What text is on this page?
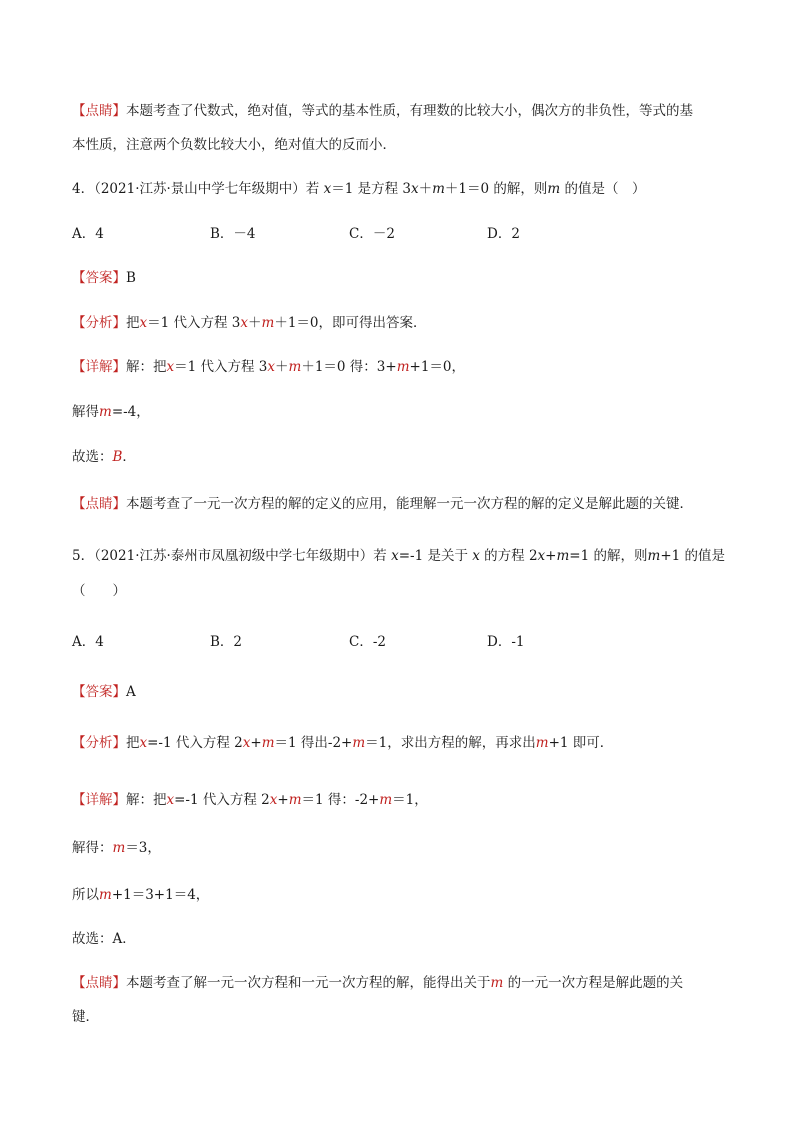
【点睛】本题考查了代数式，绝对值，等式的基本性质，有理数的比较大小，偶次方的非负性，等式的基
本性质，注意两个负数比较大小，绝对值大的反而小．
4．（2021·江苏·景山中学七年级期中）若 x＝1 是方程 3x＋m＋1＝0 的解，则m 的值是（　）
A．4	B．－4	C．－2	D．2
【答案】B
【分析】把x＝1 代入方程 3x＋m＋1＝0，即可得出答案．
【详解】解：把x＝1 代入方程 3x＋m＋1＝0 得：3+m+1＝0，
解得m=-4，
故选：B．
【点睛】本题考查了一元一次方程的解的定义的应用，能理解一元一次方程的解的定义是解此题的关键．
5．（2021·江苏·泰州市凤凰初级中学七年级期中）若 x=-1 是关于 x 的方程 2x+m=1 的解，则m+1 的值是
（　　）
A．4	B．2	C．-2	D．-1
【答案】A
【分析】把x=-1 代入方程 2x+m＝1 得出-2+m＝1，求出方程的解，再求出m+1 即可．
【详解】解：把x=-1 代入方程 2x+m＝1 得：-2+m＝1，
解得：m＝3，
所以m+1＝3+1＝4，
故选：A．
【点睛】本题考查了解一元一次方程和一元一次方程的解，能得出关于m 的一元一次方程是解此题的关
键．
